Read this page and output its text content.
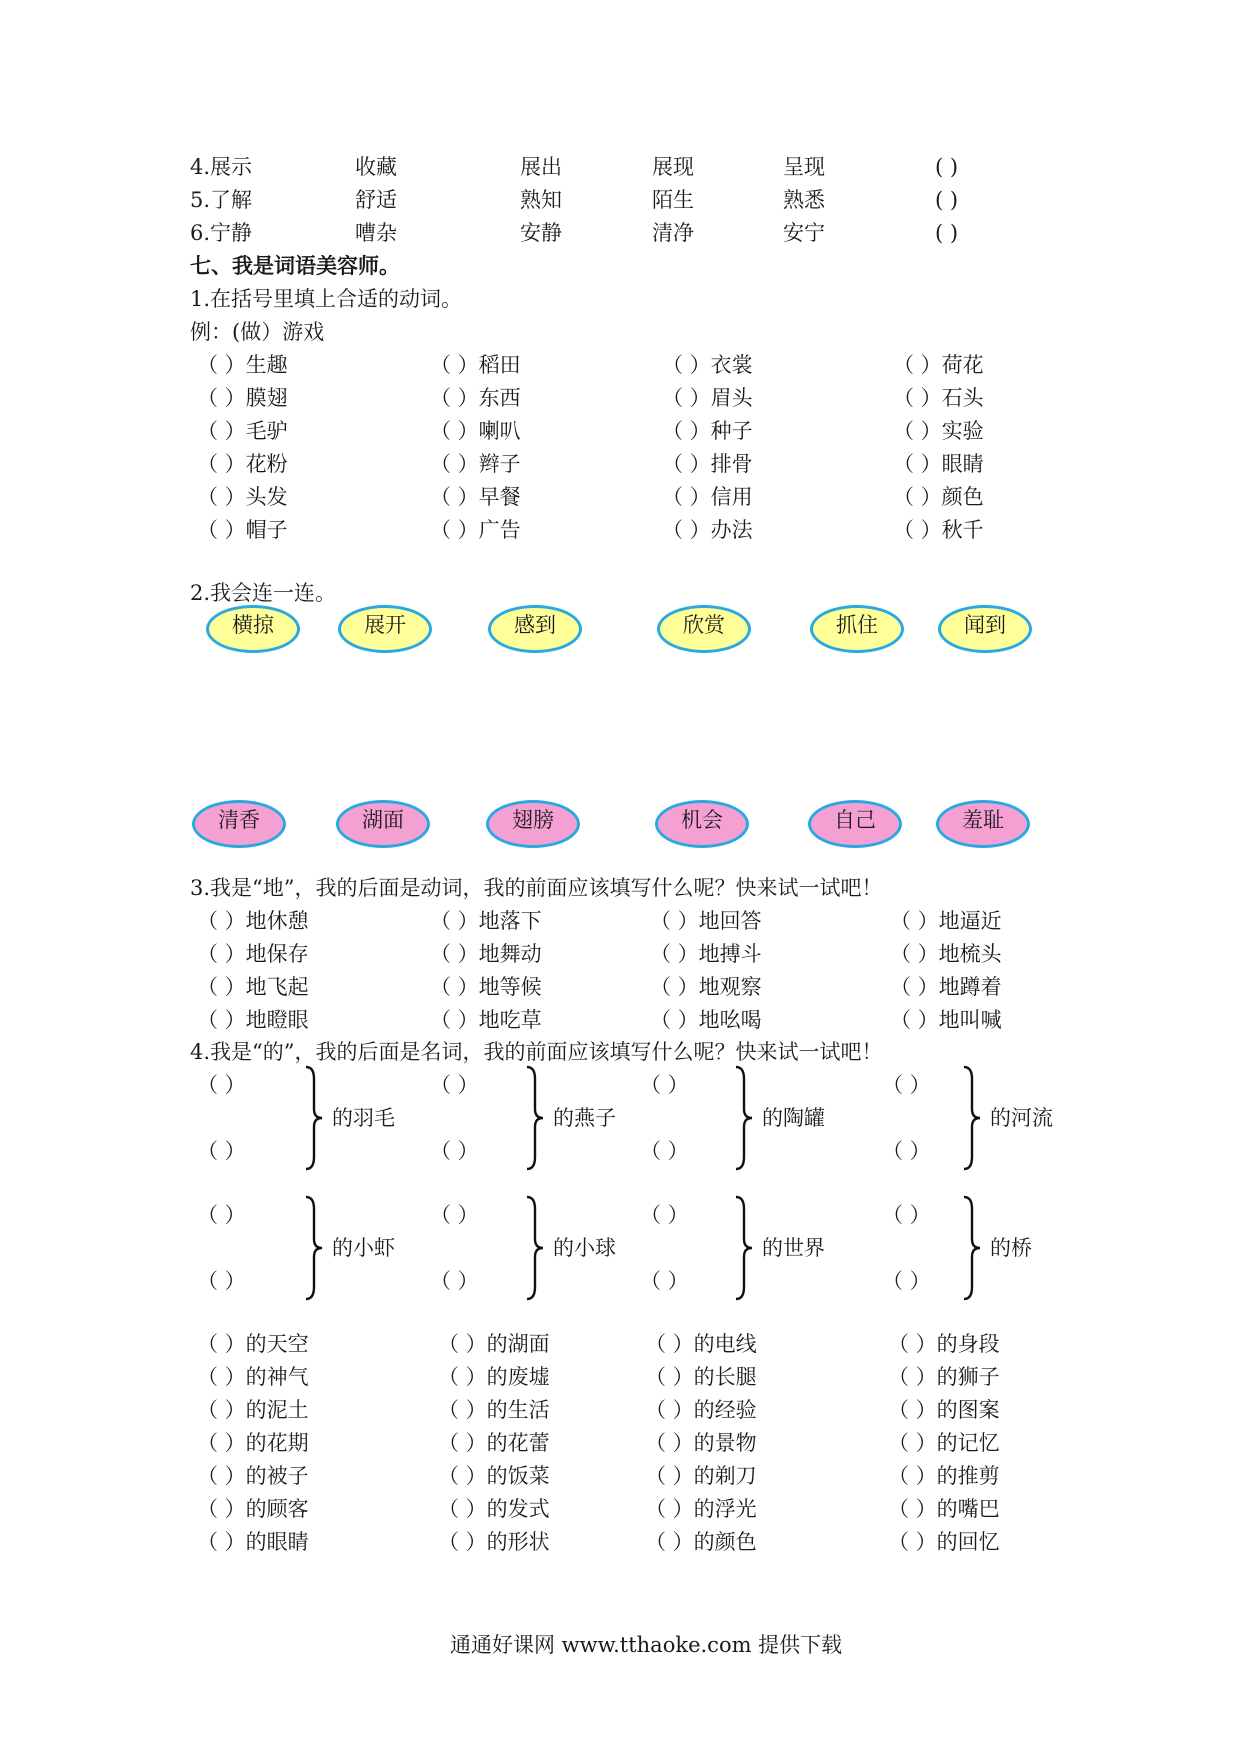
4.展示	收藏	展出	展现	呈现	( )
5.了解	舒适	熟知	陌生	熟悉	( )
6.宁静	嘈杂	安静	清净	安宁	( )
七、我是词语美容师。
1.在括号里填上合适的动词。
例：(做）游戏
（ ）生趣	（ ）稻田	（ ）衣裳	（ ）荷花
（ ）膜翅	（ ）东西	（ ）眉头	（ ）石头
（ ）毛驴	（ ）喇叭	（ ）种子	（ ）实验
（ ）花粉	（ ）辫子	（ ）排骨	（ ）眼睛
（ ）头发	（ ）早餐	（ ）信用	（ ）颜色
（ ）帽子	（ ）广告	（ ）办法	（ ）秋千
2.我会连一连。
横掠	展开	感到	欣赏	抓住	闻到
清香	湖面	翅膀	机会	自己	羞耻
3.我是“地”，我的后面是动词，我的前面应该填写什么呢？快来试一试吧！
（ ）地休憩	（ ）地落下	（ ）地回答	（ ）地逼近
（ ）地保存	（ ）地舞动	（ ）地搏斗	（ ）地梳头
（ ）地飞起	（ ）地等候	（ ）地观察	（ ）地蹲着
（ ）地瞪眼	（ ）地吃草	（ ）地吆喝	（ ）地叫喊
4.我是“的”，我的后面是名词，我的前面应该填写什么呢？快来试一试吧！
（ ）
（ ）
的羽毛
（ ）
（ ）
的燕子
（ ）
（ ）
的陶罐
（ ）
（ ）
的河流
（ ）
（ ）
的小虾
（ ）
（ ）
的小球
（ ）
（ ）
的世界
（ ）
（ ）
的桥
（ ）的天空	（ ）的湖面	（ ）的电线	（ ）的身段
（ ）的神气	（ ）的废墟	（ ）的长腿	（ ）的狮子
（ ）的泥土	（ ）的生活	（ ）的经验	（ ）的图案
（ ）的花期	（ ）的花蕾	（ ）的景物	（ ）的记忆
（ ）的被子	（ ）的饭菜	（ ）的剃刀	（ ）的推剪
（ ）的顾客	（ ）的发式	（ ）的浮光	（ ）的嘴巴
（ ）的眼睛	（ ）的形状	（ ）的颜色	（ ）的回忆
通通好课网 www.tthaoke.com 提供下载
